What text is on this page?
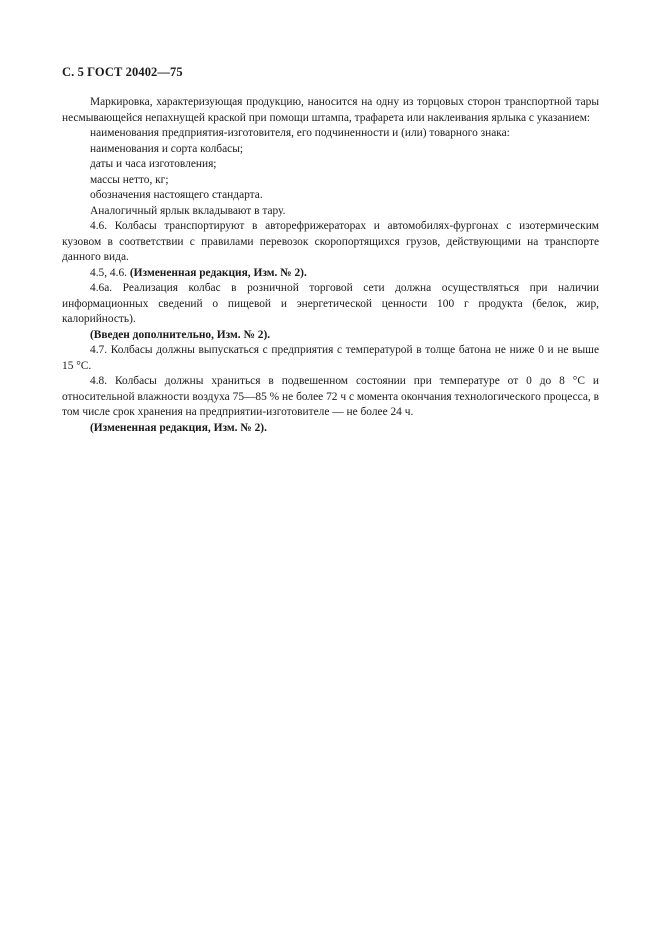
С. 5 ГОСТ 20402—75

Маркировка, характеризующая продукцию, наносится на одну из торцовых сторон транспортной тары несмывающейся непахнущей краской при помощи штампа, трафарета или наклеивания ярлыка с указанием:

наименования предприятия-изготовителя, его подчиненности и (или) товарного знака:

наименования и сорта колбасы;

даты и часа изготовления;

массы нетто, кг;

обозначения настоящего стандарта.

Аналогичный ярлык вкладывают в тару.

4.6. Колбасы транспортируют в авторефрижераторах и автомобилях-фургонах с изотермическим кузовом в соответствии с правилами перевозок скоропортящихся грузов, действующими на транспорте данного вида.

4.5, 4.6. (Измененная редакция, Изм. № 2).

4.6а. Реализация колбас в розничной торговой сети должна осуществляться при наличии информационных сведений о пищевой и энергетической ценности 100 г продукта (белок, жир, калорийность).

(Введен дополнительно, Изм. № 2).

4.7. Колбасы должны выпускаться с предприятия с температурой в толще батона не ниже 0 и не выше 15 °С.

4.8. Колбасы должны храниться в подвешенном состоянии при температуре от 0 до 8 °С и относительной влажности воздуха 75—85 % не более 72 ч с момента окончания технологического процесса, в том числе срок хранения на предприятии-изготовителе — не более 24 ч.

(Измененная редакция, Изм. № 2).
